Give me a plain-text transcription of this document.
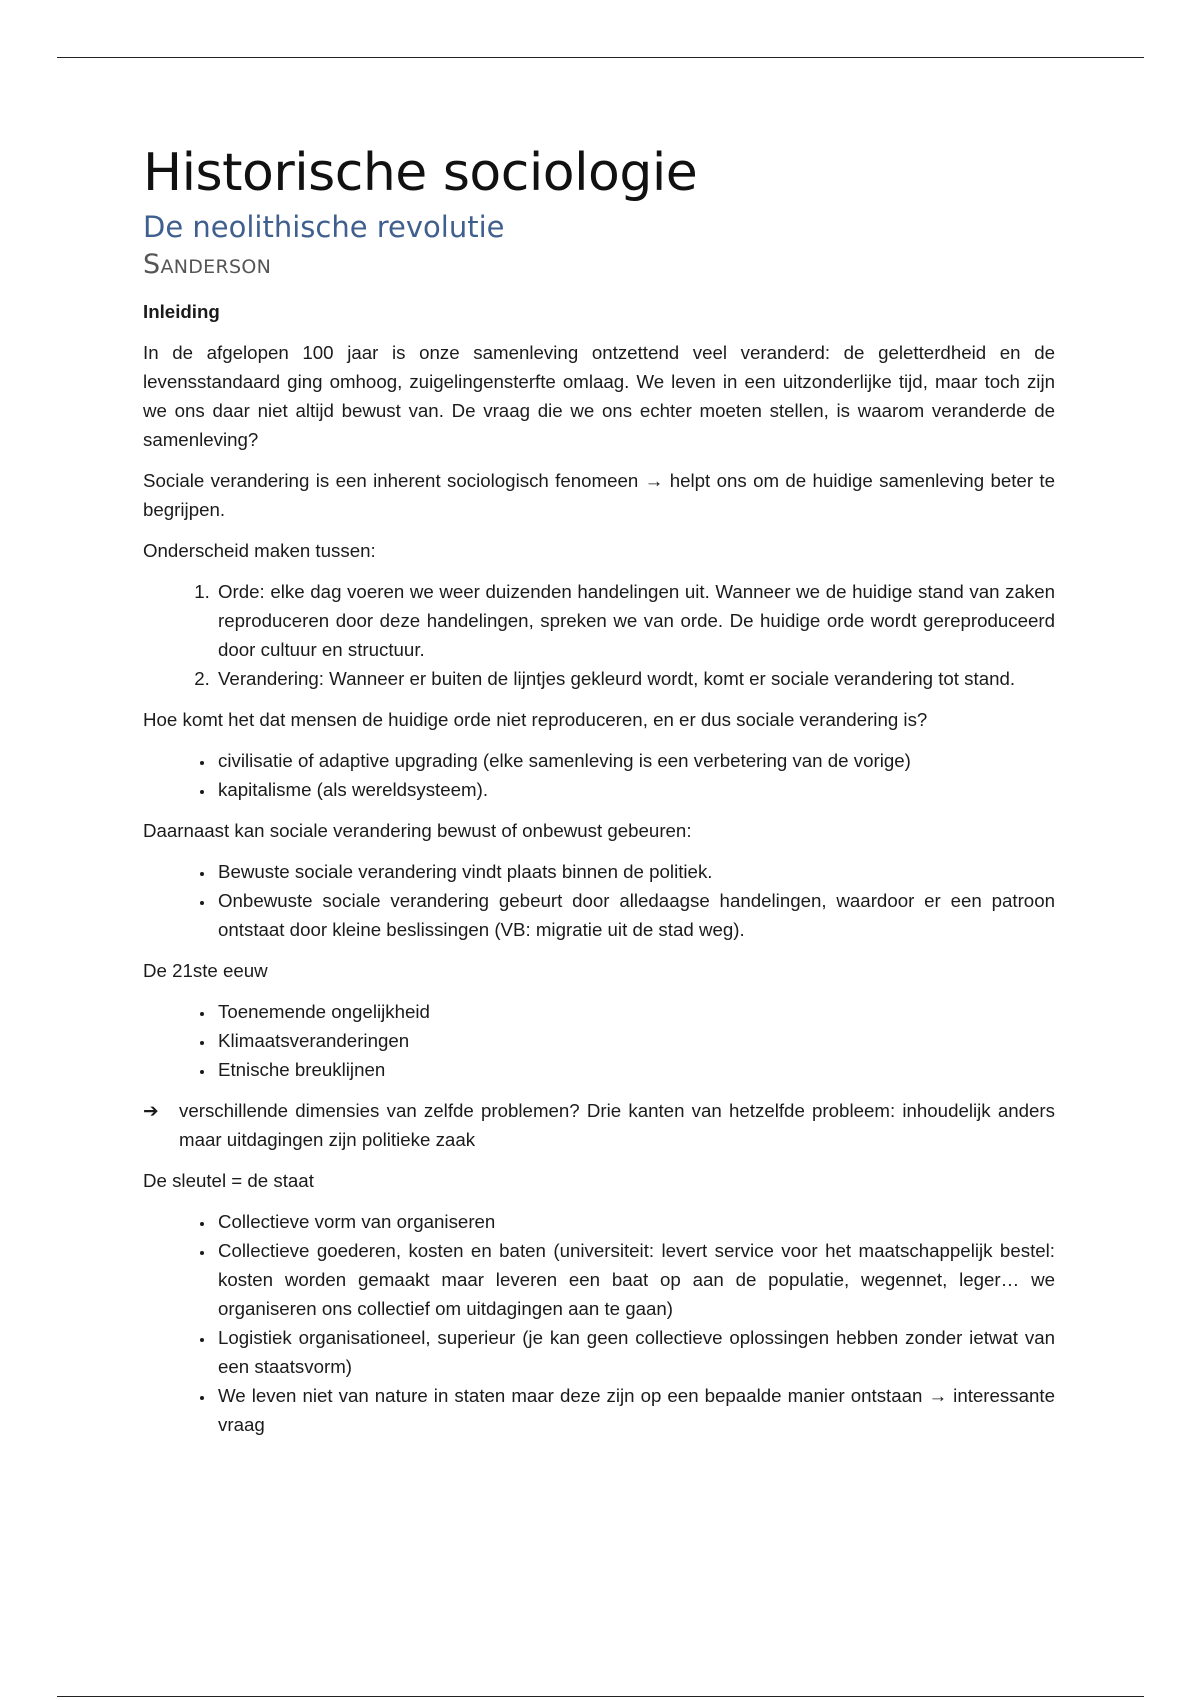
Historische sociologie
De neolithische revolutie
Sanderson
Inleiding

In de afgelopen 100 jaar is onze samenleving ontzettend veel veranderd: de geletterdheid en de levensstandaard ging omhoog, zuigelingensterfte omlaag. We leven in een uitzonderlijke tijd, maar toch zijn we ons daar niet altijd bewust van. De vraag die we ons echter moeten stellen, is waarom veranderde de samenleving?

Sociale verandering is een inherent sociologisch fenomeen → helpt ons om de huidige samenleving beter te begrijpen.

Onderscheid maken tussen:

1. Orde: elke dag voeren we weer duizenden handelingen uit. Wanneer we de huidige stand van zaken reproduceren door deze handelingen, spreken we van orde. De huidige orde wordt gereproduceerd door cultuur en structuur.
2. Verandering: Wanneer er buiten de lijntjes gekleurd wordt, komt er sociale verandering tot stand.

Hoe komt het dat mensen de huidige orde niet reproduceren, en er dus sociale verandering is?

• civilisatie of adaptive upgrading (elke samenleving is een verbetering van de vorige)
• kapitalisme (als wereldsysteem).

Daarnaast kan sociale verandering bewust of onbewust gebeuren:

• Bewuste sociale verandering vindt plaats binnen de politiek.
• Onbewuste sociale verandering gebeurt door alledaagse handelingen, waardoor er een patroon ontstaat door kleine beslissingen (VB: migratie uit de stad weg).

De 21ste eeuw

• Toenemende ongelijkheid
• Klimaatsveranderingen
• Etnische breuklijnen
➔	verschillende dimensies van zelfde problemen? Drie kanten van hetzelfde probleem: inhoudelijk anders maar uitdagingen zijn politieke zaak

De sleutel = de staat

• Collectieve vorm van organiseren
• Collectieve goederen, kosten en baten (universiteit: levert service voor het maatschappelijk bestel: kosten worden gemaakt maar leveren een baat op aan de populatie, wegennet, leger… we organiseren ons collectief om uitdagingen aan te gaan)
• Logistiek organisationeel, superieur (je kan geen collectieve oplossingen hebben zonder ietwat van een staatsvorm)
• We leven niet van nature in staten maar deze zijn op een bepaalde manier ontstaan → interessante vraag
